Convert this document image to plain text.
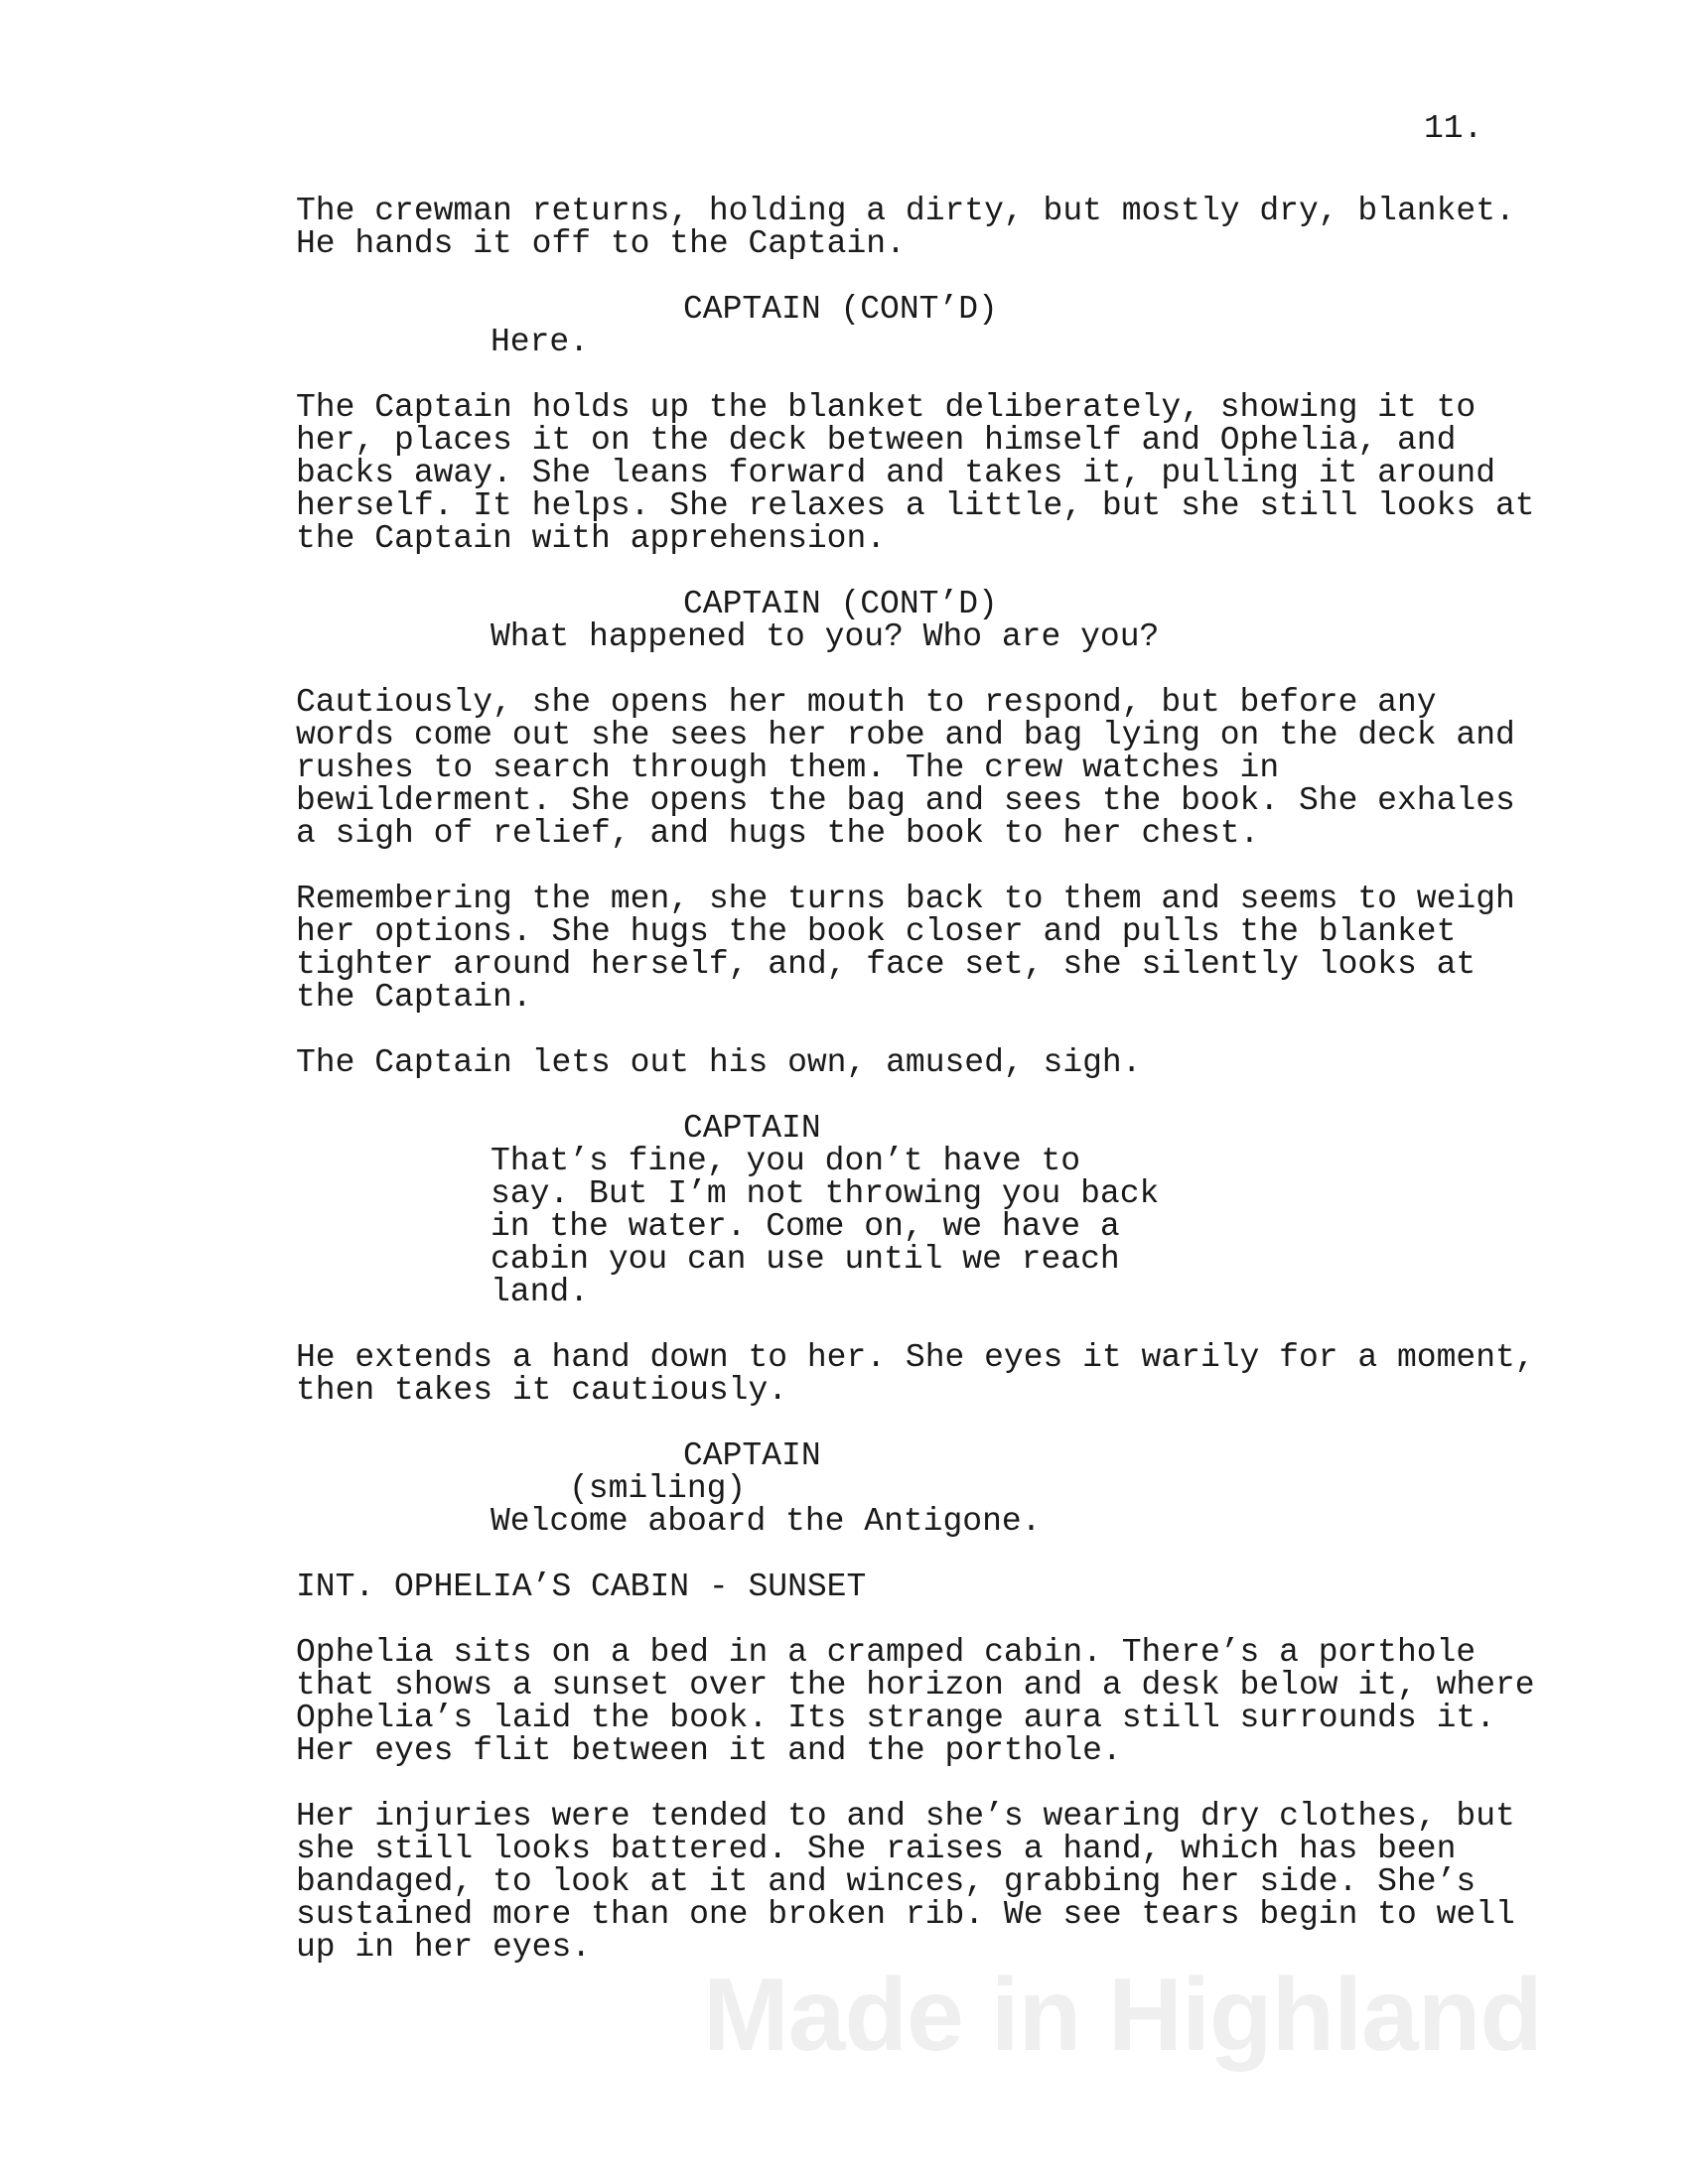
11.

The crewman returns, holding a dirty, but mostly dry, blanket.
He hands it off to the Captain.

CAPTAIN (CONT’D)

Here.

The Captain holds up the blanket deliberately, showing it to
her, places it on the deck between himself and Ophelia, and
backs away. She leans forward and takes it, pulling it around
herself. It helps. She relaxes a little, but she still looks at
the Captain with apprehension.

CAPTAIN (CONT’D)

What happened to you? Who are you?

Cautiously, she opens her mouth to respond, but before any
words come out she sees her robe and bag lying on the deck and
rushes to search through them. The crew watches in
bewilderment. She opens the bag and sees the book. She exhales
a sigh of relief, and hugs the book to her chest.

Remembering the men, she turns back to them and seems to weigh
her options. She hugs the book closer and pulls the blanket
tighter around herself, and, face set, she silently looks at
the Captain.

The Captain lets out his own, amused, sigh.

CAPTAIN

That’s fine, you don’t have to
say. But I’m not throwing you back
in the water. Come on, we have a
cabin you can use until we reach
land.

He extends a hand down to her. She eyes it warily for a moment,
then takes it cautiously.

CAPTAIN

(smiling)

Welcome aboard the Antigone.

INT. OPHELIA’S CABIN - SUNSET

Ophelia sits on a bed in a cramped cabin. There’s a porthole
that shows a sunset over the horizon and a desk below it, where
Ophelia’s laid the book. Its strange aura still surrounds it.
Her eyes flit between it and the porthole.

Her injuries were tended to and she’s wearing dry clothes, but
she still looks battered. She raises a hand, which has been
bandaged, to look at it and winces, grabbing her side. She’s
sustained more than one broken rib. We see tears begin to well
up in her eyes.

Made in Highland
